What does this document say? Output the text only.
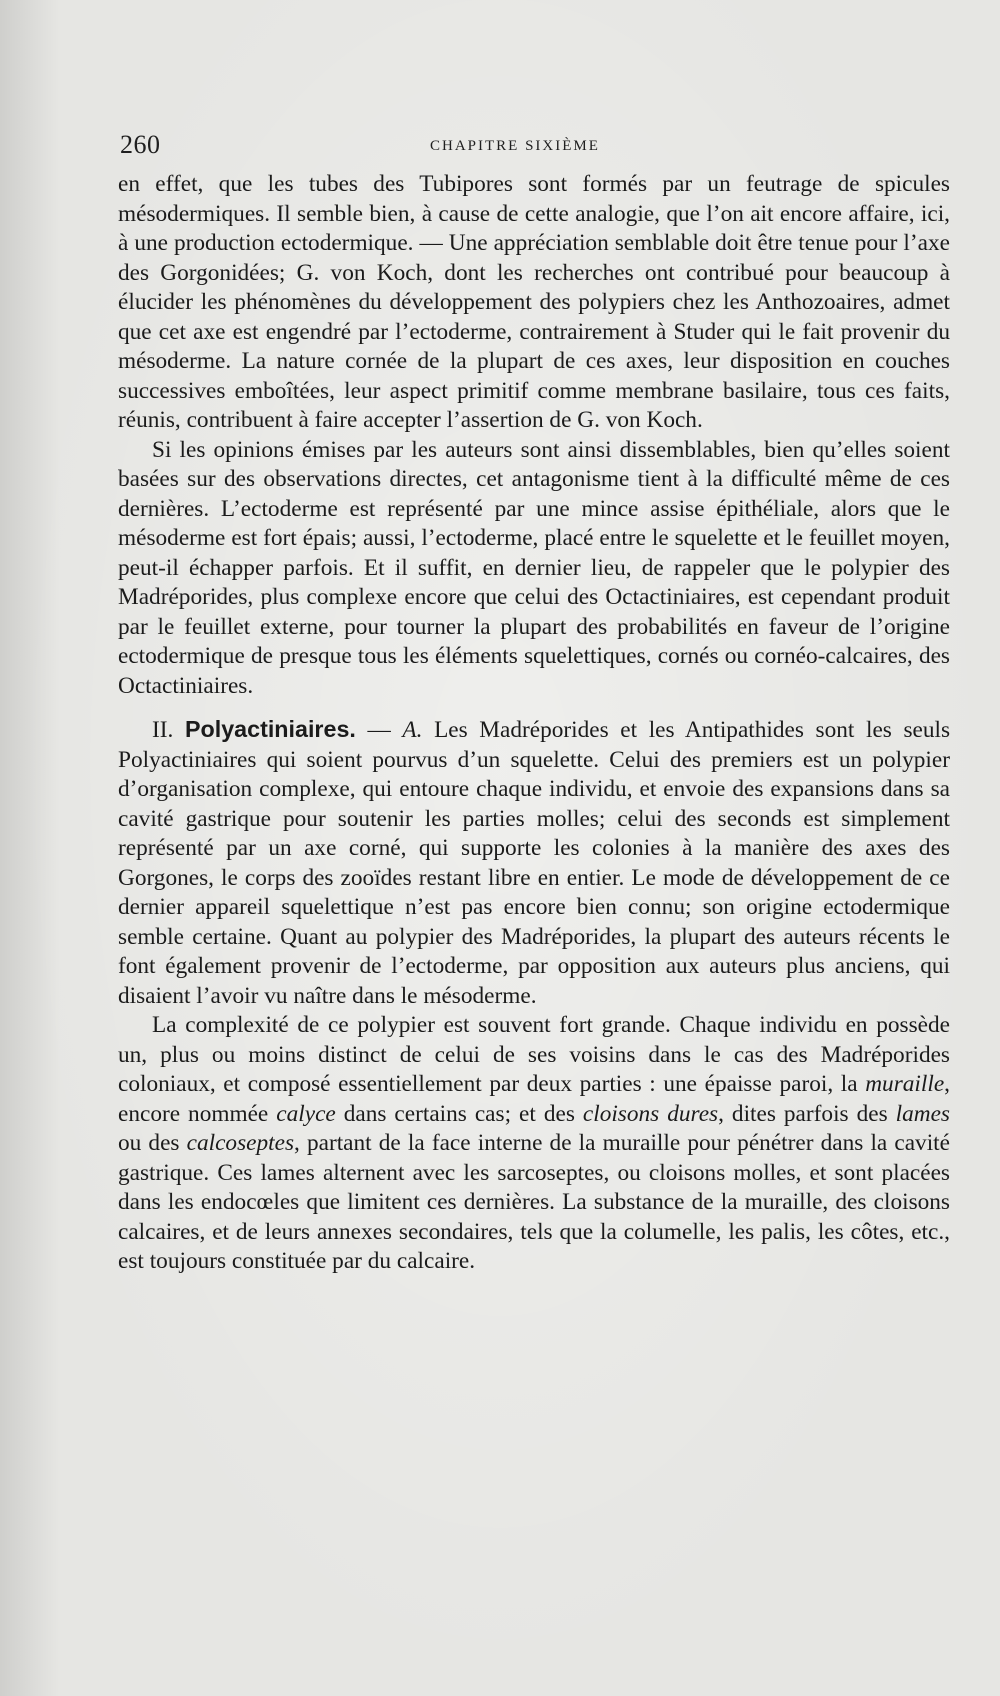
260	CHAPITRE SIXIÈME

en effet, que les tubes des Tubipores sont formés par un feutrage de spicules mésodermiques. Il semble bien, à cause de cette analogie, que l’on ait encore affaire, ici, à une production ectodermique. — Une appréciation semblable doit être tenue pour l’axe des Gorgonidées; G. von Koch, dont les recherches ont contribué pour beaucoup à élucider les phénomènes du développement des polypiers chez les Anthozoaires, admet que cet axe est engendré par l’ectoderme, contrairement à Studer qui le fait provenir du mésoderme. La nature cornée de la plupart de ces axes, leur disposition en couches successives emboîtées, leur aspect primitif comme membrane basilaire, tous ces faits, réunis, contribuent à faire accepter l’assertion de G. von Koch.

Si les opinions émises par les auteurs sont ainsi dissemblables, bien qu’elles soient basées sur des observations directes, cet antagonisme tient à la difficulté même de ces dernières. L’ectoderme est représenté par une mince assise épithéliale, alors que le mésoderme est fort épais; aussi, l’ectoderme, placé entre le squelette et le feuillet moyen, peut-il échapper parfois. Et il suffit, en dernier lieu, de rappeler que le polypier des Madréporides, plus complexe encore que celui des Octactiniaires, est cependant produit par le feuillet externe, pour tourner la plupart des probabilités en faveur de l’origine ectodermique de presque tous les éléments squelettiques, cornés ou cornéo-calcaires, des Octactiniaires.

II. Polyactiniaires. — A. Les Madréporides et les Antipathides sont les seuls Polyactiniaires qui soient pourvus d’un squelette. Celui des premiers est un polypier d’organisation complexe, qui entoure chaque individu, et envoie des expansions dans sa cavité gastrique pour soutenir les parties molles; celui des seconds est simplement représenté par un axe corné, qui supporte les colonies à la manière des axes des Gorgones, le corps des zooïdes restant libre en entier. Le mode de développement de ce dernier appareil squelettique n’est pas encore bien connu; son origine ectodermique semble certaine. Quant au polypier des Madréporides, la plupart des auteurs récents le font également provenir de l’ectoderme, par opposition aux auteurs plus anciens, qui disaient l’avoir vu naître dans le mésoderme.

La complexité de ce polypier est souvent fort grande. Chaque individu en possède un, plus ou moins distinct de celui de ses voisins dans le cas des Madréporides coloniaux, et composé essentiellement par deux parties : une épaisse paroi, la muraille, encore nommée calyce dans certains cas; et des cloisons dures, dites parfois des lames ou des calcoseptes, partant de la face interne de la muraille pour pénétrer dans la cavité gastrique. Ces lames alternent avec les sarcoseptes, ou cloisons molles, et sont placées dans les endocœles que limitent ces dernières. La substance de la muraille, des cloisons calcaires, et de leurs annexes secondaires, tels que la columelle, les palis, les côtes, etc., est toujours constituée par du calcaire.
